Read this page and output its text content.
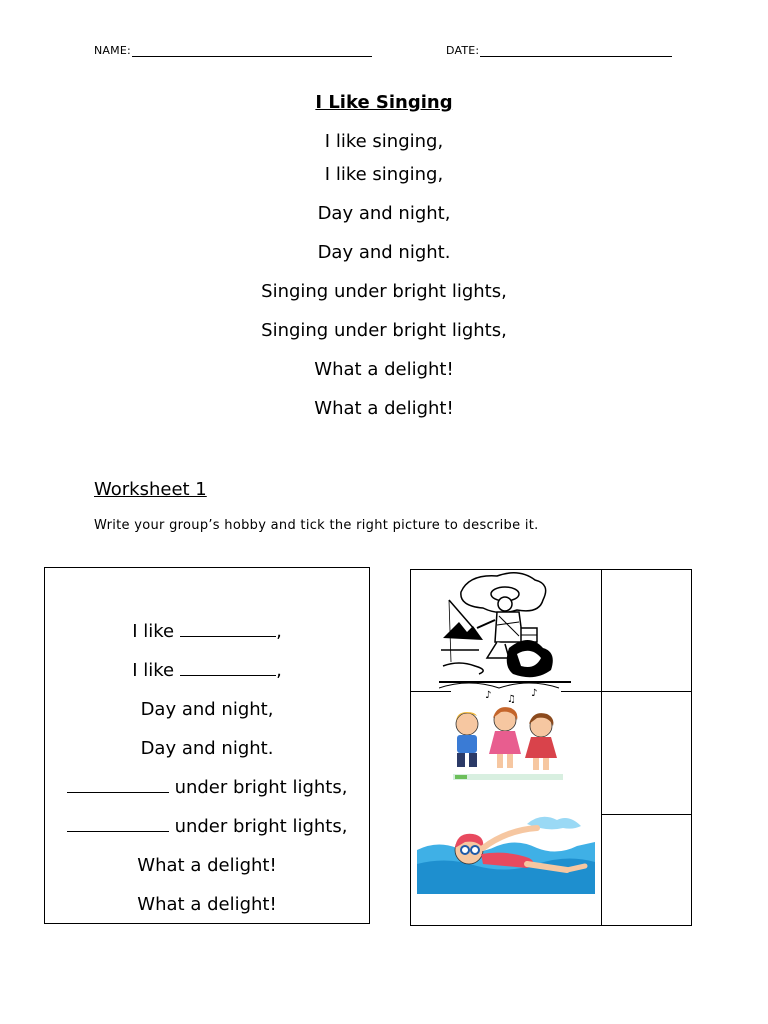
NAME:	DATE:
I Like Singing
I like singing,
I like singing,
Day and night,
Day and night.
Singing under bright lights,
Singing under bright lights,
What a delight!
What a delight!
Worksheet 1
Write your group’s hobby and tick the right picture to describe it.
I like	,
I like	,
Day and night,
Day and night.
under bright lights,
under bright lights,
What a delight!
What a delight!
♪ ♫
♪
